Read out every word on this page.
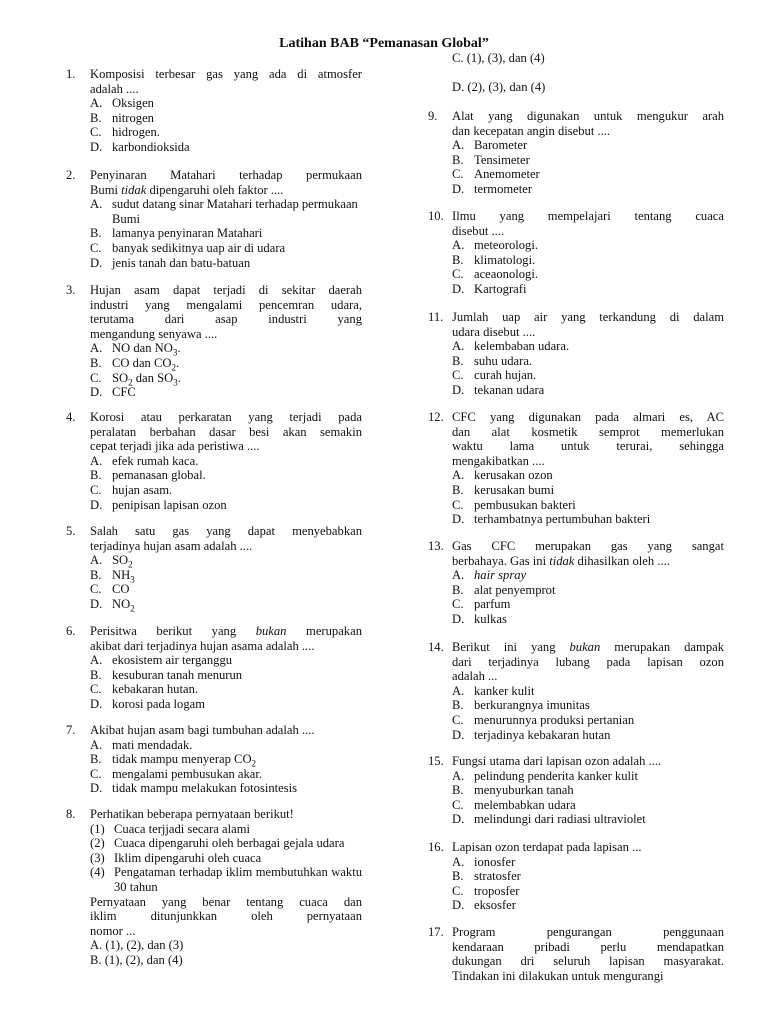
Latihan BAB “Pemanasan Global”
1.	Komposisi terbesar gas yang ada di atmosfer
adalah ....
A. Oksigen
B. nitrogen
C. hidrogen.
D. karbondioksida
2.	Penyinaran Matahari terhadap permukaan
Bumi tidak dipengaruhi oleh faktor ....
A. sudut datang sinar Matahari terhadap permukaan Bumi
B. lamanya penyinaran Matahari
C. banyak sedikitnya uap air di udara
D. jenis tanah dan batu-batuan
3.	Hujan asam dapat terjadi di sekitar daerah
industri yang mengalami pencemran udara,
terutama dari asap industri yang
mengandung senyawa ....
A. NO dan $NO_3$.
B. CO dan $CO_2$.
C. $SO_2$ dan $SO_3$.
D. CFC
4.	Korosi atau perkaratan yang terjadi pada
peralatan berbahan dasar besi akan semakin
cepat terjadi jika ada peristiwa ....
A. efek rumah kaca.
B. pemanasan global.
C. hujan asam.
D. penipisan lapisan ozon
5.	Salah satu gas yang dapat menyebabkan
terjadinya hujan asam adalah ....
A. $SO_2$
B. $NH_3$
C. CO
D. $NO_2$
6.	Perisitwa berikut yang bukan merupakan
akibat dari terjadinya hujan asama adalah ....
A. ekosistem air terganggu
B. kesuburan tanah menurun
C. kebakaran hutan.
D. korosi pada logam
7.	Akibat hujan asam bagi tumbuhan adalah ....
A. mati mendadak.
B. tidak mampu menyerap $CO_2$
C. mengalami pembusukan akar.
D. tidak mampu melakukan fotosintesis
8.	Perhatikan beberapa pernyataan berikut!
(1) Cuaca terjjadi secara alami
(2) Cuaca dipengaruhi oleh berbagai gejala udara
(3) Iklim dipengaruhi oleh cuaca
(4) Pengataman terhadap iklim membutuhkan waktu 30 tahun
Pernyataan yang benar tentang cuaca dan
iklim ditunjunkkan oleh pernyataan
nomor ...
A. (1), (2), dan (3)
B. (1), (2), dan (4)
C. (1), (3), dan (4)
D. (2), (3), dan (4)
9.	Alat yang digunakan untuk mengukur arah
dan kecepatan angin disebut ....
A. Barometer
B. Tensimeter
C. Anemometer
D. termometer
10. Ilmu yang mempelajari tentang cuaca
disebut ....
A. meteorologi.
B. klimatologi.
C. aceaonologi.
D. Kartografi
11. Jumlah uap air yang terkandung di dalam
udara disebut ....
A. kelembaban udara.
B. suhu udara.
C. curah hujan.
D. tekanan udara
12. CFC yang digunakan pada almari es, AC
dan alat kosmetik semprot memerlukan
waktu lama untuk terurai, sehingga
mengakibatkan ....
A. kerusakan ozon
B. kerusakan bumi
C. pembusukan bakteri
D. terhambatnya pertumbuhan bakteri
13. Gas CFC merupakan gas yang sangat
berbahaya. Gas ini tidak dihasilkan oleh ....
A. hair spray
B. alat penyemprot
C. parfum
D. kulkas
14. Berikut ini yang bukan merupakan dampak
dari terjadinya lubang pada lapisan ozon
adalah ...
A. kanker kulit
B. berkurangnya imunitas
C. menurunnya produksi pertanian
D. terjadinya kebakaran hutan
15. Fungsi utama dari lapisan ozon adalah ....
A. pelindung penderita kanker kulit
B. menyuburkan tanah
C. melembabkan udara
D. melindungi dari radiasi ultraviolet
16. Lapisan ozon terdapat pada lapisan ...
A. ionosfer
B. stratosfer
C. troposfer
D. eksosfer
17. Program pengurangan penggunaan
kendaraan pribadi perlu mendapatkan
dukungan dri seluruh lapisan masyarakat.
Tindakan ini dilakukan untuk mengurangi
